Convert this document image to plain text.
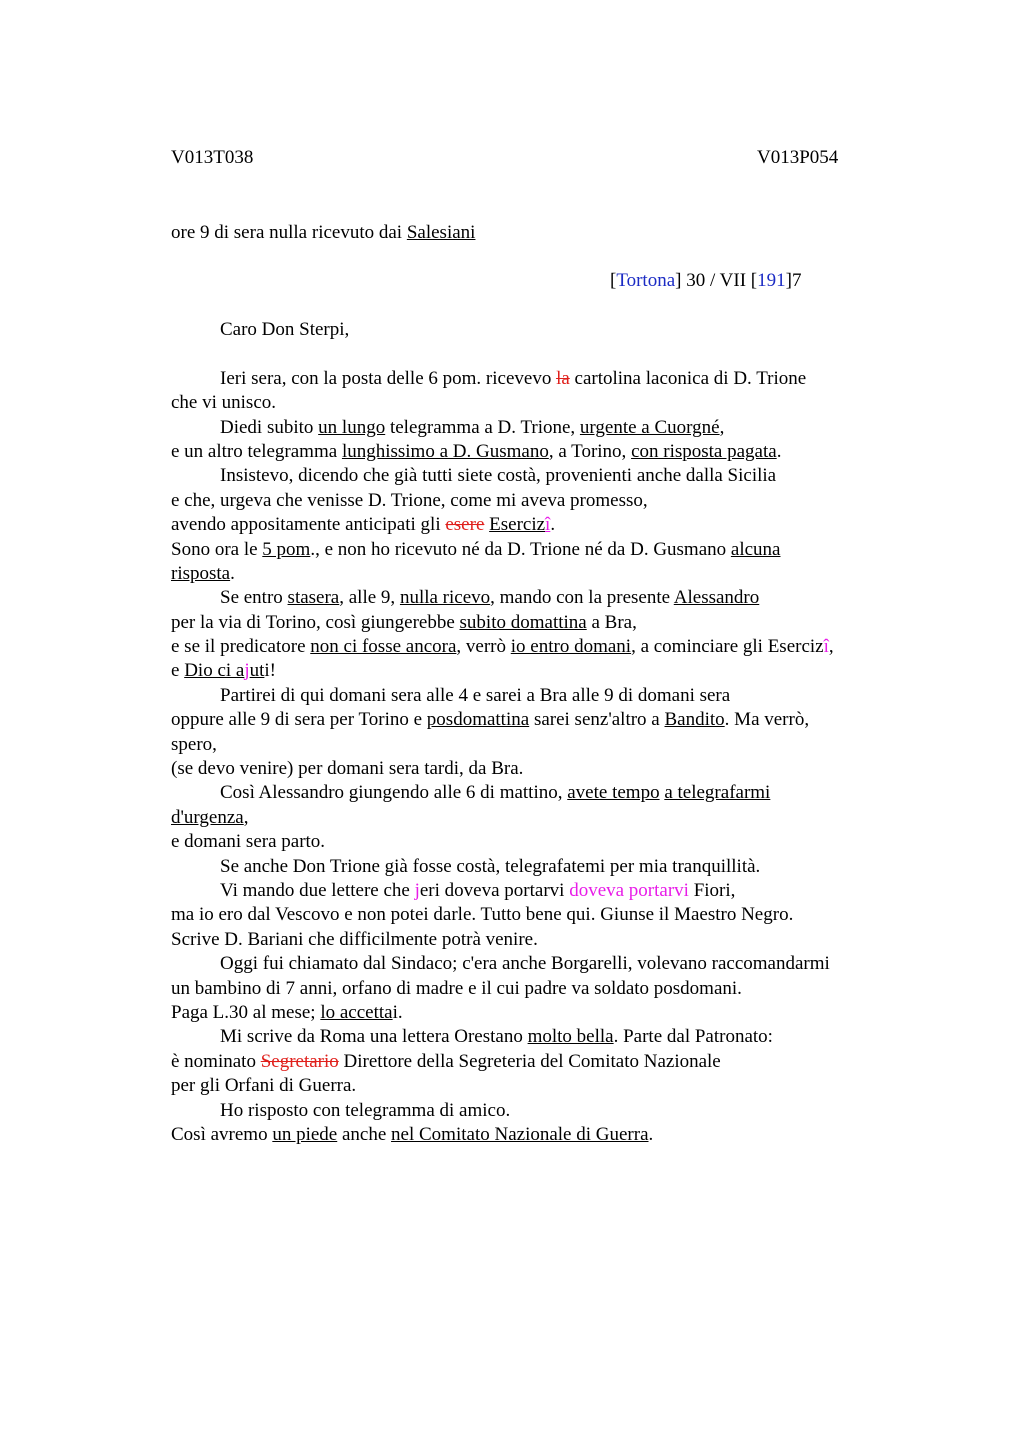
V013T038	V013P054
ore 9 di sera nulla ricevuto dai Salesiani
[Tortona] 30 / VII [191]7
Caro Don Sterpi,
Ieri sera, con la posta delle 6 pom. ricevevo la cartolina laconica di D. Trione
che vi unisco.
Diedi subito un lungo telegramma a D. Trione, urgente a Cuorgné,
e un altro telegramma lunghissimo a D. Gusmano, a Torino, con risposta pagata.
Insistevo, dicendo che già tutti siete costà, provenienti anche dalla Sicilia
e che, urgeva che venisse D. Trione, come mi aveva promesso,
avendo appositamente anticipati gli esere Esercizî.
Sono ora le 5 pom., e non ho ricevuto né da D. Trione né da D. Gusmano alcuna
risposta.
Se entro stasera, alle 9, nulla ricevo, mando con la presente Alessandro
per la via di Torino, così giungerebbe subito domattina a Bra,
e se il predicatore non ci fosse ancora, verrò io entro domani, a cominciare gli Esercizî,
e Dio ci ajuti!
Partirei di qui domani sera alle 4 e sarei a Bra alle 9 di domani sera
oppure alle 9 di sera per Torino e posdomattina sarei senz'altro a Bandito. Ma verrò,
spero,
(se devo venire) per domani sera tardi, da Bra.
Così Alessandro giungendo alle 6 di mattino, avete tempo a telegrafarmi
d'urgenza,
e domani sera parto.
Se anche Don Trione già fosse costà, telegrafatemi per mia tranquillità.
Vi mando due lettere che jeri doveva portarvi doveva portarvi Fiori,
ma io ero dal Vescovo e non potei darle. Tutto bene qui. Giunse il Maestro Negro.
Scrive D. Bariani che difficilmente potrà venire.
Oggi fui chiamato dal Sindaco; c'era anche Borgarelli, volevano raccomandarmi
un bambino di 7 anni, orfano di madre e il cui padre va soldato posdomani.
Paga L.30 al mese; lo accettai.
Mi scrive da Roma una lettera Orestano molto bella. Parte dal Patronato:
è nominato Segretario Direttore della Segreteria del Comitato Nazionale
per gli Orfani di Guerra.
Ho risposto con telegramma di amico.
Così avremo un piede anche nel Comitato Nazionale di Guerra.
